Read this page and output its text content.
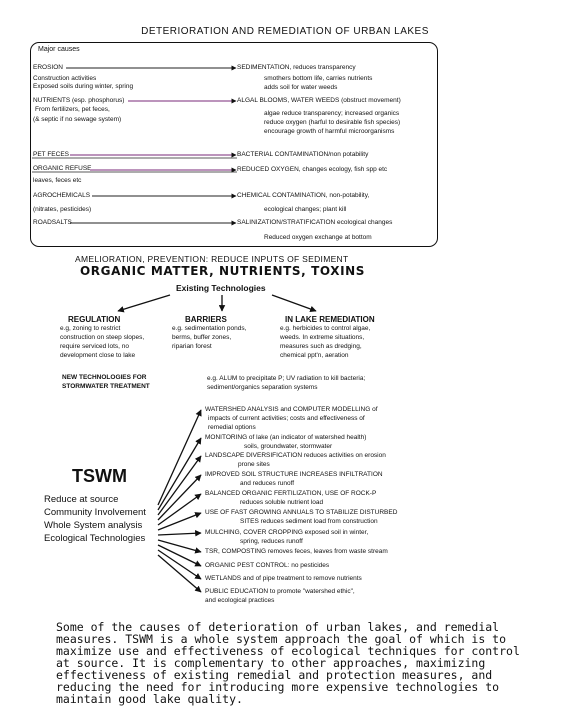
DETERIORATION AND REMEDIATION OF URBAN LAKES
Major causes
EROSION
Construction activities
Exposed soils during winter, spring
SEDIMENTATION, reduces transparency
smothers bottom life, carries nutrients
adds soil for water weeds
NUTRIENTS (esp. phosphorus)
From fertilizers, pet feces,
(& septic if no sewage system)
ALGAL BLOOMS, WATER WEEDS (obstruct movement)
algae reduce transparency; increased organics
reduce oxygen (harful to desirable fish species)
encourage growth of harmful microorganisms
PET FECES	BACTERIAL CONTAMINATION/non potability
ORGANIC REFUSE
leaves, feces etc
REDUCED OXYGEN, changes ecology, fish spp etc
AGROCHEMICALS
(nitrates, pesticides)
CHEMICAL CONTAMINATION, non-potability,
ecological changes; plant kill
ROADSALTS	SALINIZATION/STRATIFICATION ecological changes
Reduced oxygen exchange at bottom
AMELIORATION, PREVENTION: REDUCE INPUTS OF SEDIMENT
ORGANIC MATTER, NUTRIENTS, TOXINS
Existing Technologies
REGULATION
e.g, zoning to restrict
construction on steep slopes,
require serviced lots, no
development close to lake
BARRIERS
e.g. sedimentation ponds,
berms, buffer zones,
riparian forest
IN LAKE REMEDIATION
e.g. herbicides to control algae,
weeds. In extreme situations,
measures such as dredging,
chemical ppt'n, aeration
NEW TECHNOLOGIES FOR
STORMWATER TREATMENT
e.g. ALUM to precipitate P; UV radiation to kill bacteria;
sediment/organics separation systems
TSWM
Reduce at source
Community Involvement
Whole System analysis
Ecological Technologies
WATERSHED ANALYSIS and COMPUTER MODELLING of
impacts of current activities; costs and effectiveness of
remedial options
MONITORING of lake (an indicator of watershed health)
soils, groundwater, stormwater
LANDSCAPE DIVERSIFICATION reduces activities on erosion
prone sites
IMPROVED SOIL STRUCTURE INCREASES INFILTRATION
and reduces runoff
BALANCED ORGANIC FERTILIZATION, USE OF ROCK-P
reduces soluble nutrient load
USE OF FAST GROWING ANNUALS TO STABILIZE DISTURBED
SITES reduces sediment load from construction
MULCHING, COVER CROPPING exposed soil in winter,
spring, reduces runoff
TSR, COMPOSTING removes feces, leaves from waste stream
ORGANIC PEST CONTROL: no pesticides
WETLANDS and of pipe treatment to remove nutrients
PUBLIC EDUCATION to promote "watershed ethic",
and ecological practices
Some of the causes of deterioration of urban lakes, and remedial
measures. TSWM is a whole system approach the goal of which is to
maximize use and effectiveness of ecological techniques for control
at source. It is complementary to other approaches, maximizing
effectiveness of existing remedial and protection measures, and
reducing the need for introducing more expensive technologies to
maintain good lake quality.
